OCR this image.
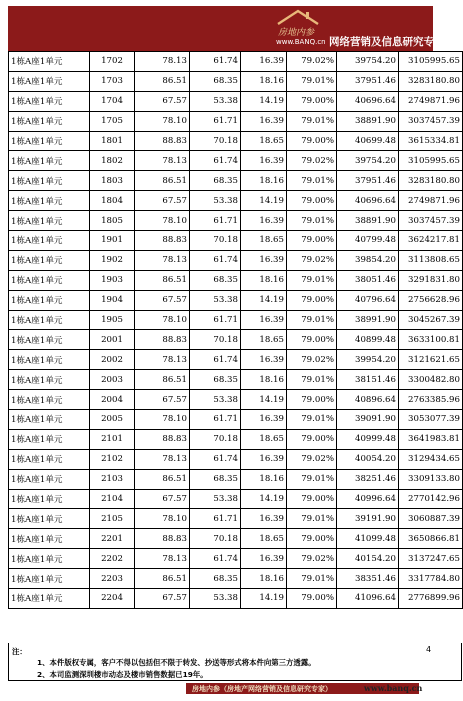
房地内参
www.BANQ.cn 网络营销及信息研究专家
1栋A座1单元	1702	78.13	61.74	16.39	79.02%	39754.20	3105995.65
1栋A座1单元	1703	86.51	68.35	18.16	79.01%	37951.46	3283180.80
1栋A座1单元	1704	67.57	53.38	14.19	79.00%	40696.64	2749871.96
1栋A座1单元	1705	78.10	61.71	16.39	79.01%	38891.90	3037457.39
1栋A座1单元	1801	88.83	70.18	18.65	79.00%	40699.48	3615334.81
1栋A座1单元	1802	78.13	61.74	16.39	79.02%	39754.20	3105995.65
1栋A座1单元	1803	86.51	68.35	18.16	79.01%	37951.46	3283180.80
1栋A座1单元	1804	67.57	53.38	14.19	79.00%	40696.64	2749871.96
1栋A座1单元	1805	78.10	61.71	16.39	79.01%	38891.90	3037457.39
1栋A座1单元	1901	88.83	70.18	18.65	79.00%	40799.48	3624217.81
1栋A座1单元	1902	78.13	61.74	16.39	79.02%	39854.20	3113808.65
1栋A座1单元	1903	86.51	68.35	18.16	79.01%	38051.46	3291831.80
1栋A座1单元	1904	67.57	53.38	14.19	79.00%	40796.64	2756628.96
1栋A座1单元	1905	78.10	61.71	16.39	79.01%	38991.90	3045267.39
1栋A座1单元	2001	88.83	70.18	18.65	79.00%	40899.48	3633100.81
1栋A座1单元	2002	78.13	61.74	16.39	79.02%	39954.20	3121621.65
1栋A座1单元	2003	86.51	68.35	18.16	79.01%	38151.46	3300482.80
1栋A座1单元	2004	67.57	53.38	14.19	79.00%	40896.64	2763385.96
1栋A座1单元	2005	78.10	61.71	16.39	79.01%	39091.90	3053077.39
1栋A座1单元	2101	88.83	70.18	18.65	79.00%	40999.48	3641983.81
1栋A座1单元	2102	78.13	61.74	16.39	79.02%	40054.20	3129434.65
1栋A座1单元	2103	86.51	68.35	18.16	79.01%	38251.46	3309133.80
1栋A座1单元	2104	67.57	53.38	14.19	79.00%	40996.64	2770142.96
1栋A座1单元	2105	78.10	61.71	16.39	79.01%	39191.90	3060887.39
1栋A座1单元	2201	88.83	70.18	18.65	79.00%	41099.48	3650866.81
1栋A座1单元	2202	78.13	61.74	16.39	79.02%	40154.20	3137247.65
1栋A座1单元	2203	86.51	68.35	18.16	79.01%	38351.46	3317784.80
1栋A座1单元	2204	67.57	53.38	14.19	79.00%	41096.64	2776899.96
注：
1、本件版权专属，客户不得以包括但不限于转发、抄送等形式将本件向第三方透露。
2、本司监测深圳楼市动态及楼市销售数据已19年。
4
房地内参（房地产网络营销及信息研究专家）	www.banq.cn
